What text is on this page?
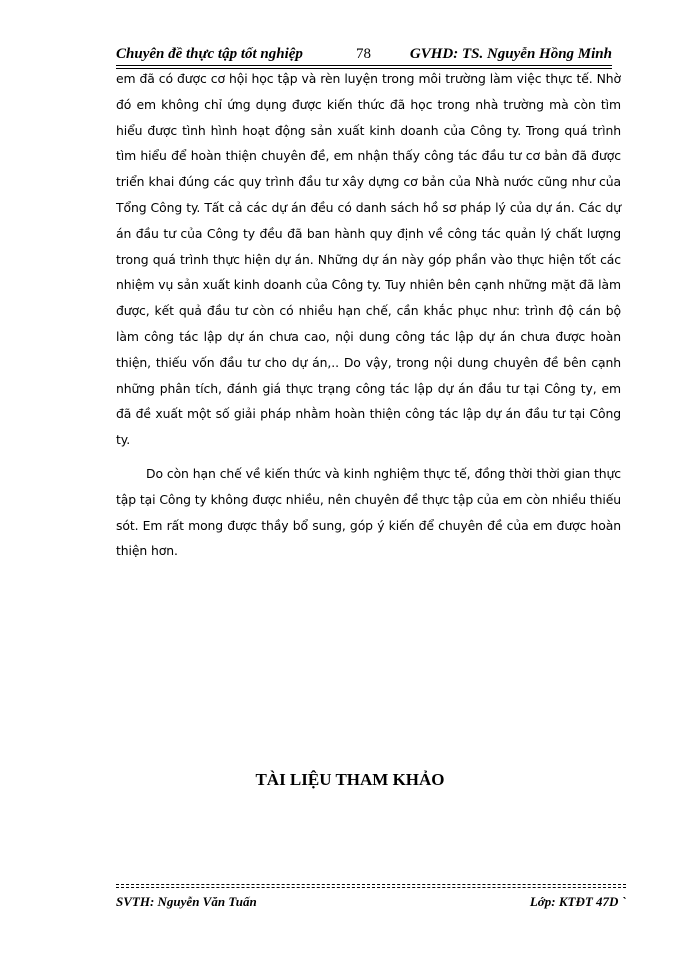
Chuyên đề thực tập tốt nghiệp	78	GVHD: TS. Nguyễn Hồng Minh

em đã có được cơ hội học tập và rèn luyện trong môi trường làm việc thực tế. Nhờ đó em không chỉ ứng dụng được kiến thức đã học trong nhà trường mà còn tìm hiểu được tình hình hoạt động sản xuất kinh doanh của Công ty. Trong quá trình tìm hiểu để hoàn thiện chuyên đề, em nhận thấy công tác đầu tư cơ bản đã được triển khai đúng các quy trình đầu tư xây dựng cơ bản của Nhà nước cũng như của Tổng Công ty. Tất cả các dự án đều có danh sách hồ sơ pháp lý của dự án. Các dự án đầu tư của Công ty đều đã ban hành quy định về công tác quản lý chất lượng trong quá trình thực hiện dự án. Những dự án này góp phần vào thực hiện tốt các nhiệm vụ sản xuất kinh doanh của Công ty. Tuy nhiên bên cạnh những mặt đã làm được, kết quả đầu tư còn có nhiều hạn chế, cần khắc phục như: trình độ cán bộ làm công tác lập dự án chưa cao, nội dung công tác lập dự án chưa được hoàn thiện, thiếu vốn đầu tư cho dự án,.. Do vậy, trong nội dung chuyên đề bên cạnh những phân tích, đánh giá thực trạng công tác lập dự án đầu tư tại Công ty, em đã đề xuất một số giải pháp nhằm hoàn thiện công tác lập dự án đầu tư tại Công ty.

Do còn hạn chế về kiến thức và kinh nghiệm thực tế, đồng thời thời gian thực tập tại Công ty không được nhiều, nên chuyên đề thực tập của em còn nhiều thiếu sót. Em rất mong được thầy bổ sung, góp ý kiến để chuyên đề của em được hoàn thiện hơn.

TÀI LIỆU THAM KHẢO
SVTH: Nguyễn Văn Tuấn	Lớp: KTĐT 47D `
